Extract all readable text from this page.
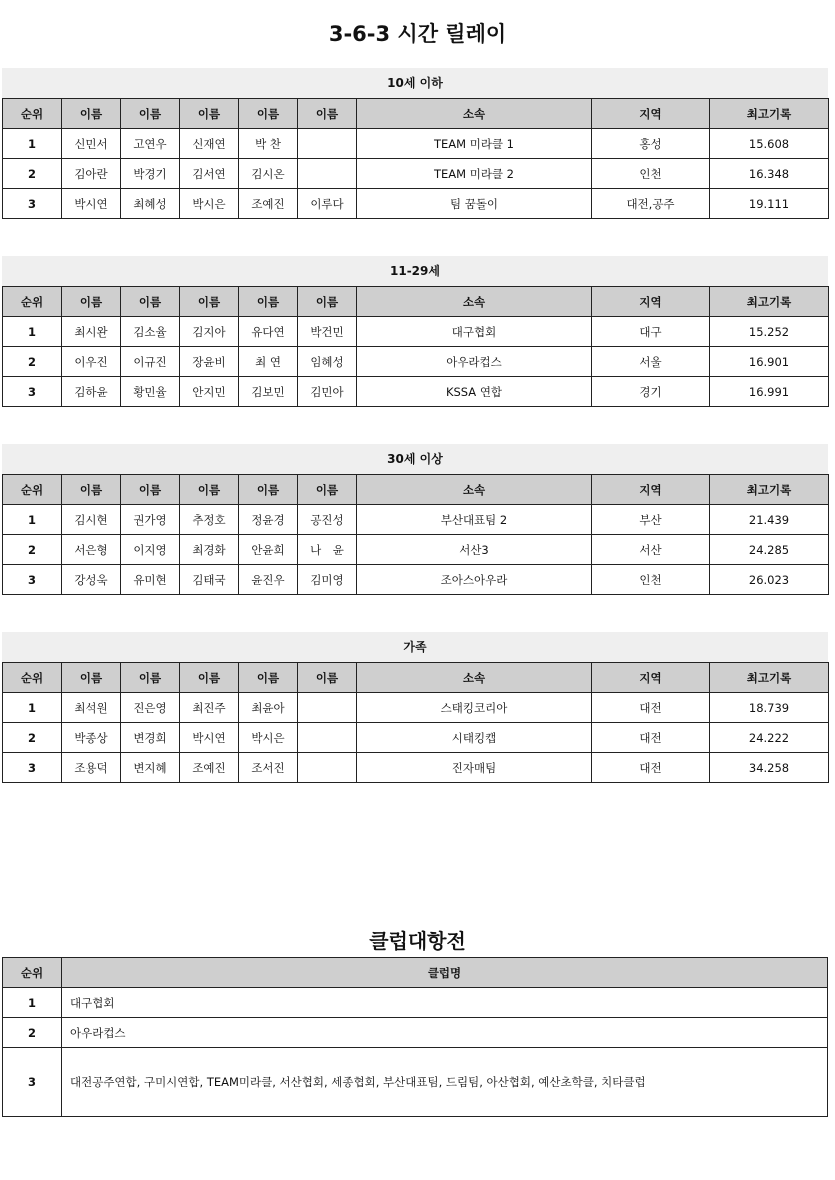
3-6-3 시간 릴레이
10세 이하
순위	이름	이름	이름	이름	이름	소속	지역	최고기록
1	신민서	고연우	신재연	박 찬		TEAM 미라클 1	홍성	15.608
2	김아란	박경기	김서연	김시온		TEAM 미라클 2	인천	16.348
3	박시연	최혜성	박시은	조예진	이루다	팀 꿈돌이	대전,공주	19.111
11-29세
순위	이름	이름	이름	이름	이름	소속	지역	최고기록
1	최시완	김소율	김지아	유다연	박건민	대구협회	대구	15.252
2	이우진	이규진	장윤비	최 연	임혜성	아우라컵스	서울	16.901
3	김하윤	황민율	안지민	김보민	김민아	KSSA 연합	경기	16.991
30세 이상
순위	이름	이름	이름	이름	이름	소속	지역	최고기록
1	김시현	권가영	추정호	정윤경	공진성	부산대표팀 2	부산	21.439
2	서은형	이지영	최경화	안윤희	나　윤	서산3	서산	24.285
3	강성욱	유미현	김태국	윤진우	김미영	조아스아우라	인천	26.023
가족
순위	이름	이름	이름	이름	이름	소속	지역	최고기록
1	최석원	진은영	최진주	최윤아		스태킹코리아	대전	18.739
2	박종상	변경희	박시연	박시은		시태킹캡	대전	24.222
3	조용덕	변지혜	조예진	조서진		진자매팀	대전	34.258
클럽대항전
순위	클럽명
1	대구협회
2	아우라컵스
3	대전공주연합, 구미시연합, TEAM미라클, 서산협회, 세종협회, 부산대표팀, 드림팀, 아산협회, 예산초학클, 치타클럽
